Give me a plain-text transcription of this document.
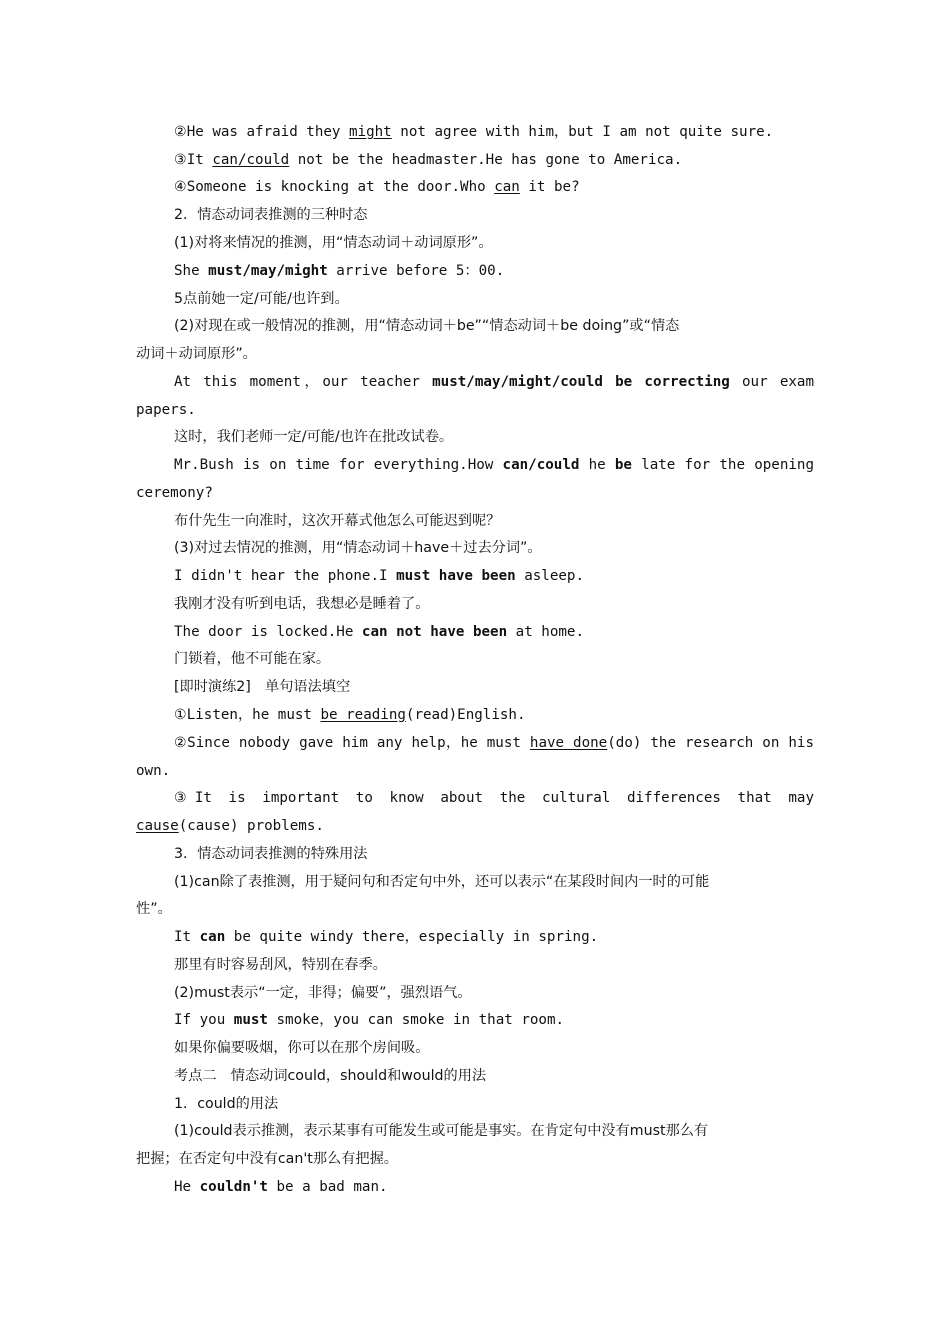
②He was afraid they might not agree with him，but I am not quite sure.
③It can/could not be the headmaster.He has gone to America.
④Someone is knocking at the door.Who can it be?
2．情态动词表推测的三种时态
(1)对将来情况的推测，用“情态动词＋动词原形”。
She must/may/might arrive before 5：00.
5点前她一定/可能/也许到。
(2)对现在或一般情况的推测，用“情态动词＋be”“情态动词＋be doing”或“情态
动词＋动词原形”。
At this moment，our teacher must/may/might/could be correcting our exam
papers.
这时，我们老师一定/可能/也许在批改试卷。
Mr.Bush is on time for everything.How can/could he be late for the opening
ceremony?
布什先生一向准时，这次开幕式他怎么可能迟到呢？
(3)对过去情况的推测，用“情态动词＋have＋过去分词”。
I didn't hear the phone.I must have been asleep.
我刚才没有听到电话，我想必是睡着了。
The door is locked.He can not have been at home.
门锁着，他不可能在家。
[即时演练2]　单句语法填空
①Listen，he must be reading(read)English.
②Since nobody gave him any help，he must have done(do) the research on his
own.
③It is important to know about the cultural differences that may
cause(cause) problems.
3．情态动词表推测的特殊用法
(1)can除了表推测，用于疑问句和否定句中外，还可以表示“在某段时间内一时的可能
性”。
It can be quite windy there，especially in spring.
那里有时容易刮风，特别在春季。
(2)must表示“一定，非得；偏要”，强烈语气。
If you must smoke，you can smoke in that room.
如果你偏要吸烟，你可以在那个房间吸。
考点二　情态动词could，should和would的用法
1．could的用法
(1)could表示推测，表示某事有可能发生或可能是事实。在肯定句中没有must那么有
把握；在否定句中没有can't那么有把握。
He couldn't be a bad man.
